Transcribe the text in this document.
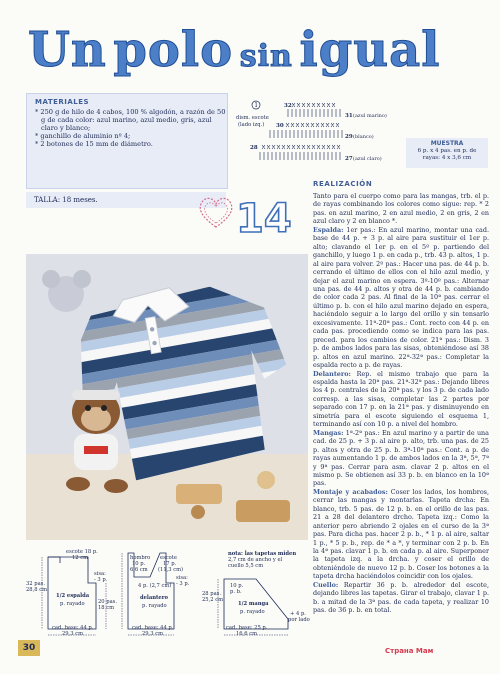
Un polo sin igual
MATERIALES
* 250 g de hilo de 4 cabos, 100 % algodón, a razón de 50 g de cada color: azul marino, azul medio, gris, azul claro y blanco;
* ganchillo de aluminio nº 4;
* 2 botones de 15 mm de diámetro.
TALLA: 18 meses.
1
dism. escote
(lado izq.)
32
31
30
29
28
27
(azul marino)
(blanco)
(azul claro)
MUESTRA
6 p. x 4 pas. en p. de
rayas: 4 x 3,6 cm
REALIZACIÓN
14	Tanto para el cuerpo como para las mangas, trb. el p. de rayas combinando los colores como sigue: rep. * 2 pas. en azul marino, 2 en azul medio, 2 en gris, 2 en azul claro y 2 en blanco *.

Espalda: 1er pas.: En azul marino, montar una cad. base de 44 p. + 3 p. al aire para sustituir el 1er p. alto; clavando el 1er p. en el 5º p. partiendo del ganchillo, y luego 1 p. en cada p., trb. 43 p. altos, 1 p. al aire para volver. 2º pas.: Hacer una pas. de 44 p. b. cerrando el último de ellos con el hilo azul medio, y dejar el azul marino en espera. 3º-10º pas.: Alternar una pas. de 44 p. altos y otra de 44 p. b. cambiando de color cada 2 pas. Al final de la 10ª pas. cerrar el último p. b. con el hilo azul marino dejado en espera, haciéndolo seguir a lo largo del orillo y sin tensarlo excesivamente. 11ª-20ª pas.: Cont. recto con 44 p. en cada pas. procediendo como se indica para las pas. preced. para los cambios de color. 21ª pas.: Dism. 3 p. de ambos lados para las sisas, obteniéndose así 38 p. altos en azul marino. 22ª-32ª pas.: Completar la espalda recto a p. de rayas.

Delantero: Rep. el mismo trabajo que para la espalda hasta la 20ª pas. 21ª-32ª pas.: Dejando libres los 4 p. centrales de la 20ª pas. y los 3 p. de cada lado corresp. a las sisas, completar las 2 partes por separado con 17 p. en la 21ª pas. y disminuyendo en simetría para el escote siguiendo el esquema 1, terminando así con 10 p. a nivel del hombro.

Mangas: 1ª-2ª pas.: En azul marino y a partir de una cad. de 25 p. + 3 p. al aire p. alto, trb. una pas. de 25 p. altos y otra de 25 p. b. 3ª-10ª pas.: Cont. a p. de rayas aumentando 1 p. de ambos lados en la 3ª, 5ª, 7ª y 9ª pas. Cerrar para asm. clavar 2 p. altos en el mismo p. Se obtienen así 33 p. b. en blanco en la 10ª pas.

Montaje y acabados: Coser los lados, los hombros, cerrar las mangas y montarlas. Tapeta drcha: En blanco, trb. 5 pas. de 12 p. b. en el orillo de las pas. 21 a 28 del delantero drcho. Tapeta izq.: Como la anterior pero abriendo 2 ojales en el curso de la 3ª pas. Para dicha pas. hacer 2 p. b., * 1 p. al aire, saltar 1 p., * 5 p. b., rep. de * a *, y terminar con 2 p. b. En la 4ª pas. clavar 1 p. b. en cada p. al aire. Superponer la tapeta izq. a la drcha. y coser el orillo de obteniéndole de nuevo 12 p. b. Coser los botones a la tapeta drcha haciéndolos coincidir con los ojales.

Cuello: Repartir 36 p. b. alrededor del escote, dejando libres las tapetas. Girar el trabajo, clavar 1 p. b. a mitad de la 3ª pas. de cada tapeta, y realizar 10 pas. de 36 p. b. en total.

escote 18 p.
12 cm
sisa:
- 3 p.
32 pas.
28,8 cm
1/2 espalda
p. rayado	20 pas.
18 cm
cad. base: 44 p.
29,3 cm
hombro
10 p.
6,6 cm
escote
17 p.
(11,3 cm)
4 p. (2,7 cm)
delantero
p. rayado
sisa:
- 3 p.
cad. base: 44 p.
29,3 cm
nota: las tapetas miden
2,7 cm de ancho y el
cuello 5,5 cm
10 p.
p. b.
28 pas.
25,2 cm
1/2 manga
p. rayado	+ 4 p.
por lado
cad. base: 25 p.
16,6 cm
30	Страна Мам
